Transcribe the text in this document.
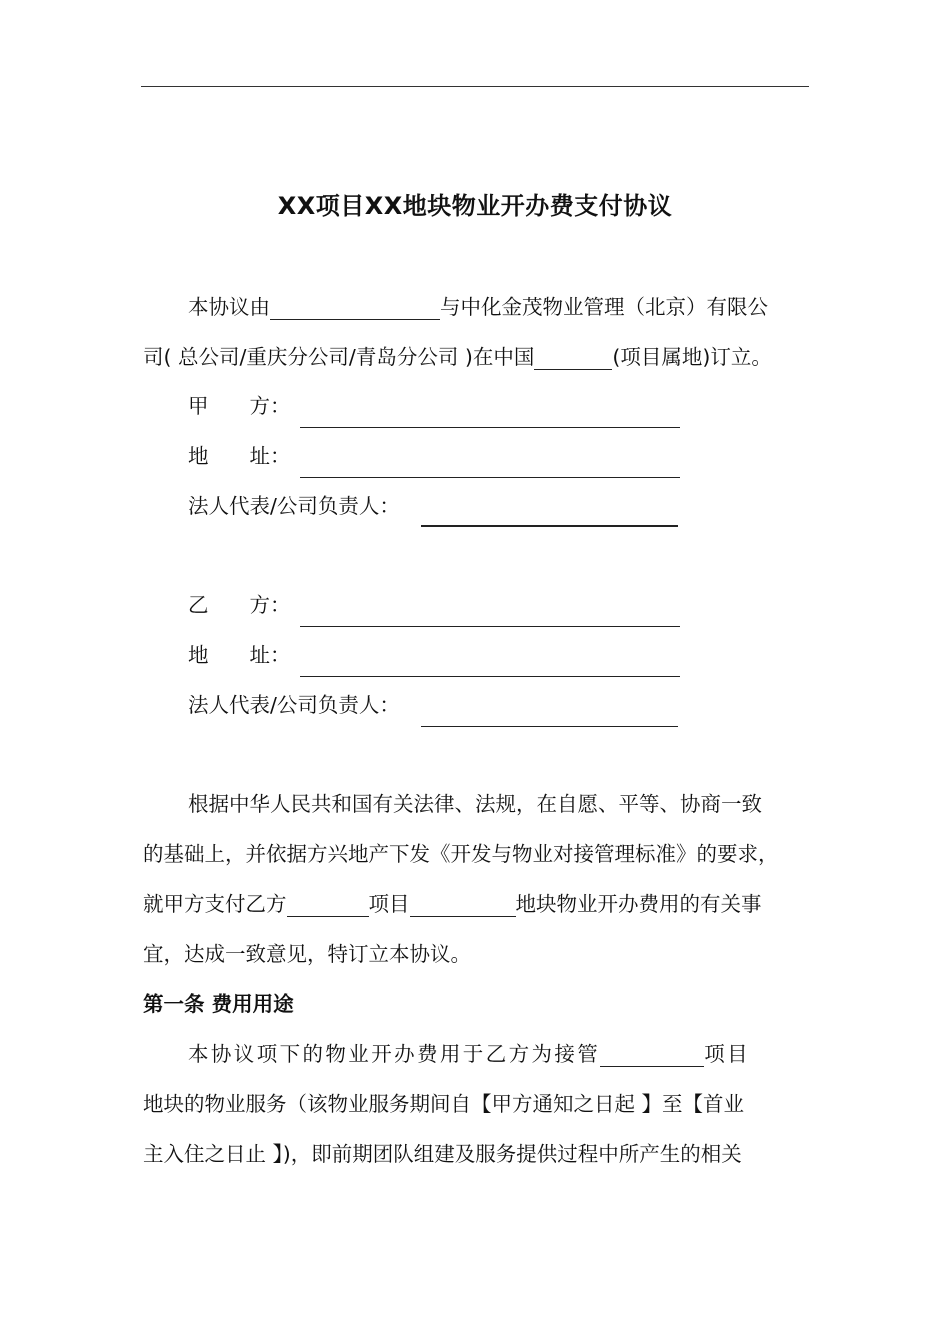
XX项目XX地块物业开办费支付协议
本协议由	与中化金茂物业管理（北京）有限公
司( 总公司/重庆分公司/青岛分公司 )在中国	(项目属地)订立。
甲　　方：
地　　址：
法人代表/公司负责人：
乙　　方：
地　　址：
法人代表/公司负责人：
根据中华人民共和国有关法律、法规，在自愿、平等、协商一致
的基础上，并依据方兴地产下发《开发与物业对接管理标准》的要求，
就甲方支付乙方	项目	地块物业开办费用的有关事
宜，达成一致意见，特订立本协议。
第一条 费用用途
本协议项下的物业开办费用于乙方为接管	项目
地块的物业服务（该物业服务期间自【甲方通知之日起 】至【首业
主入住之日止 】)，即前期团队组建及服务提供过程中所产生的相关
